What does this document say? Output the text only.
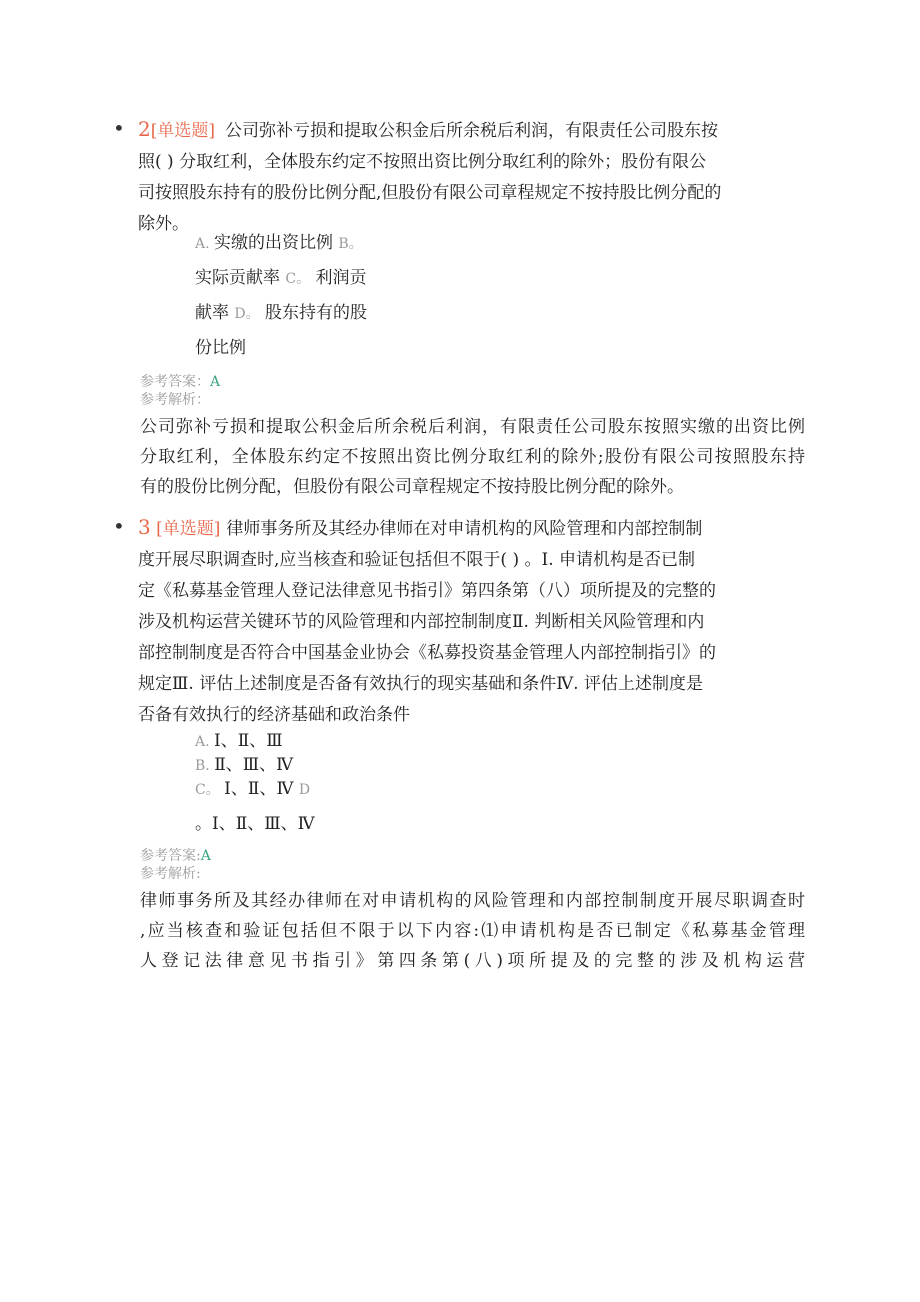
• 2[单选题] 公司弥补亏损和提取公积金后所余税后利润，有限责任公司股东按
照( ) 分取红利，全体股东约定不按照出资比例分取红利的除外；股份有限公
司按照股东持有的股份比例分配,但股份有限公司章程规定不按持股比例分配的
除外。
A. 实缴的出资比例 B。
实际贡献率 C。 利润贡
献率 D。 股东持有的股
份比例
参考答案：A
参考解析：
公司弥补亏损和提取公积金后所余税后利润，有限责任公司股东按照实缴的出资比例
分取红利，全体股东约定不按照出资比例分取红利的除外;股份有限公司按照股东持
有的股份比例分配，但股份有限公司章程规定不按持股比例分配的除外。
• 3 [单选题] 律师事务所及其经办律师在对申请机构的风险管理和内部控制制
度开展尽职调查时,应当核查和验证包括但不限于( ) 。Ⅰ. 申请机构是否已制
定《私募基金管理人登记法律意见书指引》第四条第（八）项所提及的完整的
涉及机构运营关键环节的风险管理和内部控制制度Ⅱ. 判断相关风险管理和内
部控制制度是否符合中国基金业协会《私募投资基金管理人内部控制指引》的
规定Ⅲ. 评估上述制度是否备有效执行的现实基础和条件Ⅳ. 评估上述制度是
否备有效执行的经济基础和政治条件
A. Ⅰ、Ⅱ、Ⅲ
B. Ⅱ、Ⅲ、Ⅳ
C。 Ⅰ、Ⅱ、Ⅳ D
。Ⅰ、Ⅱ、Ⅲ、Ⅳ
参考答案:A
参考解析:
律师事务所及其经办律师在对申请机构的风险管理和内部控制制度开展尽职调查时
,应当核查和验证包括但不限于以下内容:⑴申请机构是否已制定《私募基金管理
人登记法律意见书指引》第四条第(八)项所提及的完整的涉及机构运营
